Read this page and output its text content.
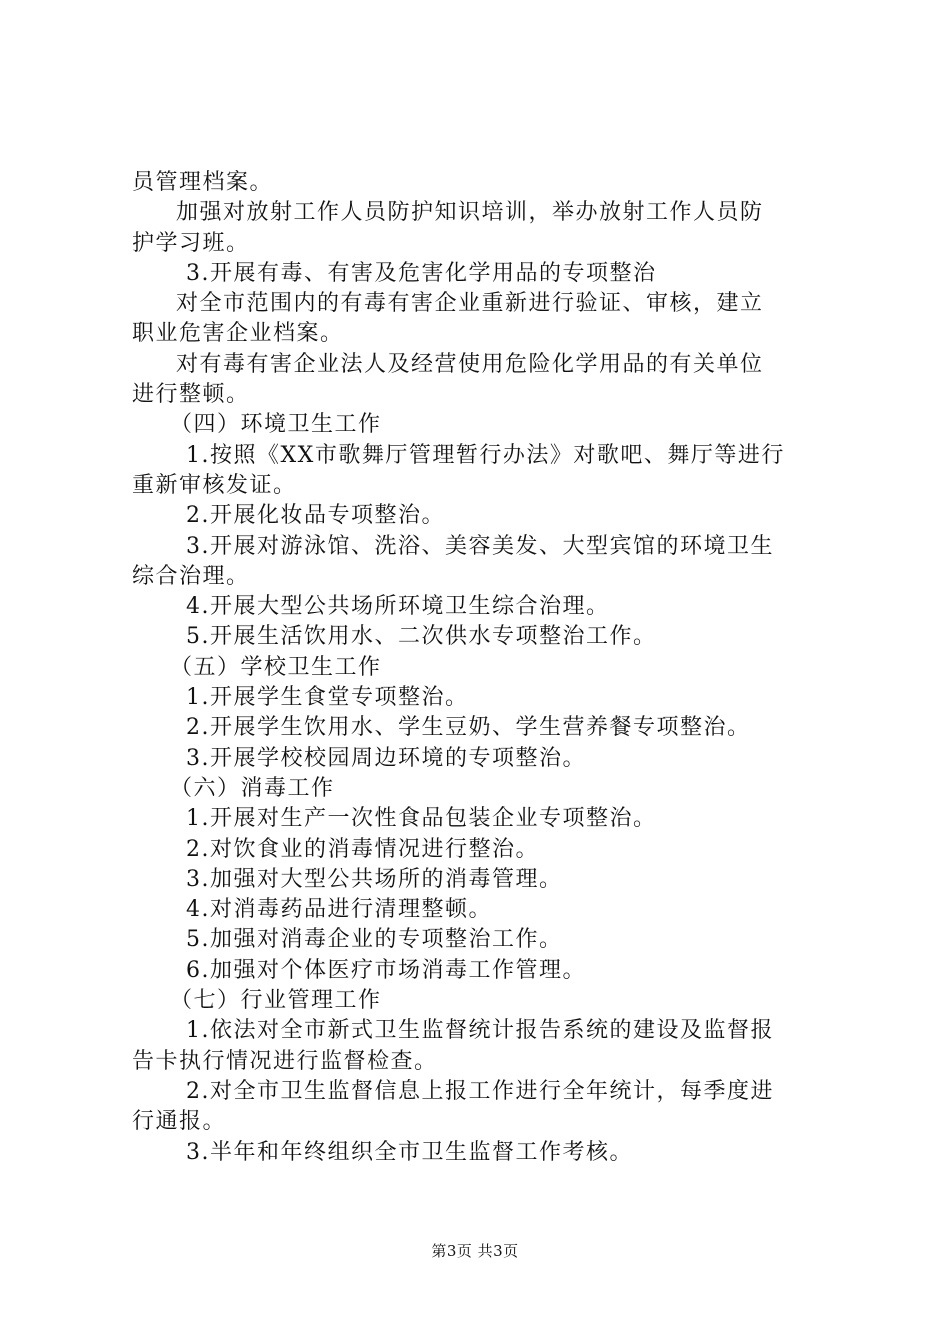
员管理档案。
加强对放射工作人员防护知识培训，举办放射工作人员防
护学习班。
3.开展有毒、有害及危害化学用品的专项整治
对全市范围内的有毒有害企业重新进行验证、审核，建立
职业危害企业档案。
对有毒有害企业法人及经营使用危险化学用品的有关单位
进行整顿。
（四）环境卫生工作
1.按照《XX市歌舞厅管理暂行办法》对歌吧、舞厅等进行
重新审核发证。
2.开展化妆品专项整治。
3.开展对游泳馆、洗浴、美容美发、大型宾馆的环境卫生
综合治理。
4.开展大型公共场所环境卫生综合治理。
5.开展生活饮用水、二次供水专项整治工作。
（五）学校卫生工作
1.开展学生食堂专项整治。
2.开展学生饮用水、学生豆奶、学生营养餐专项整治。
3.开展学校校园周边环境的专项整治。
（六）消毒工作
1.开展对生产一次性食品包装企业专项整治。
2.对饮食业的消毒情况进行整治。
3.加强对大型公共场所的消毒管理。
4.对消毒药品进行清理整顿。
5.加强对消毒企业的专项整治工作。
6.加强对个体医疗市场消毒工作管理。
（七）行业管理工作
1.依法对全市新式卫生监督统计报告系统的建设及监督报
告卡执行情况进行监督检查。
2.对全市卫生监督信息上报工作进行全年统计，每季度进
行通报。
3.半年和年终组织全市卫生监督工作考核。
第3页 共3页
